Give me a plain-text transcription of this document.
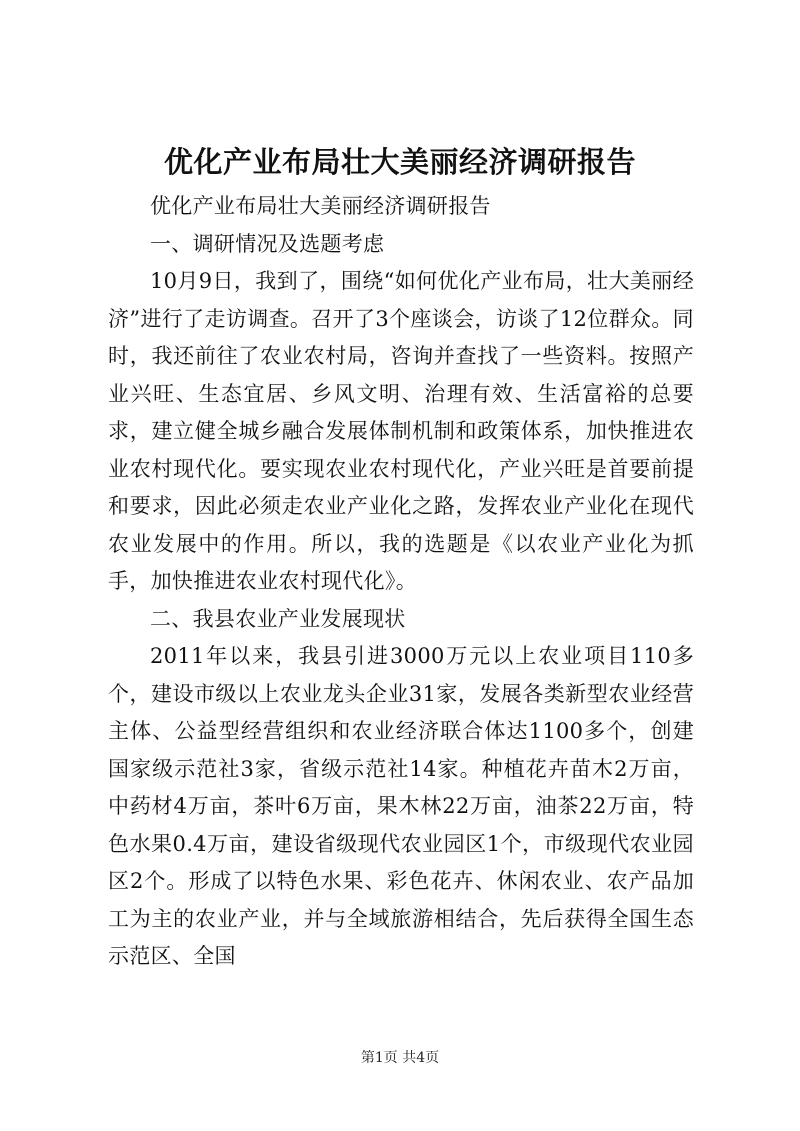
优化产业布局壮大美丽经济调研报告

优化产业布局壮大美丽经济调研报告

一、调研情况及选题考虑

10月9日，我到了，围绕“如何优化产业布局，壮大美丽经济”进行了走访调查。召开了3个座谈会，访谈了12位群众。同时，我还前往了农业农村局，咨询并查找了一些资料。按照产业兴旺、生态宜居、乡风文明、治理有效、生活富裕的总要求，建立健全城乡融合发展体制机制和政策体系，加快推进农业农村现代化。要实现农业农村现代化，产业兴旺是首要前提和要求，因此必须走农业产业化之路，发挥农业产业化在现代农业发展中的作用。所以，我的选题是《以农业产业化为抓手，加快推进农业农村现代化》。

二、我县农业产业发展现状

2011年以来，我县引进3000万元以上农业项目110多个，建设市级以上农业龙头企业31家，发展各类新型农业经营主体、公益型经营组织和农业经济联合体达1100多个，创建国家级示范社3家，省级示范社14家。种植花卉苗木2万亩，中药材4万亩，茶叶6万亩，果木林22万亩，油茶22万亩，特色水果0.4万亩，建设省级现代农业园区1个，市级现代农业园区2个。形成了以特色水果、彩色花卉、休闲农业、农产品加工为主的农业产业，并与全域旅游相结合，先后获得全国生态示范区、全国

第1页 共4页
